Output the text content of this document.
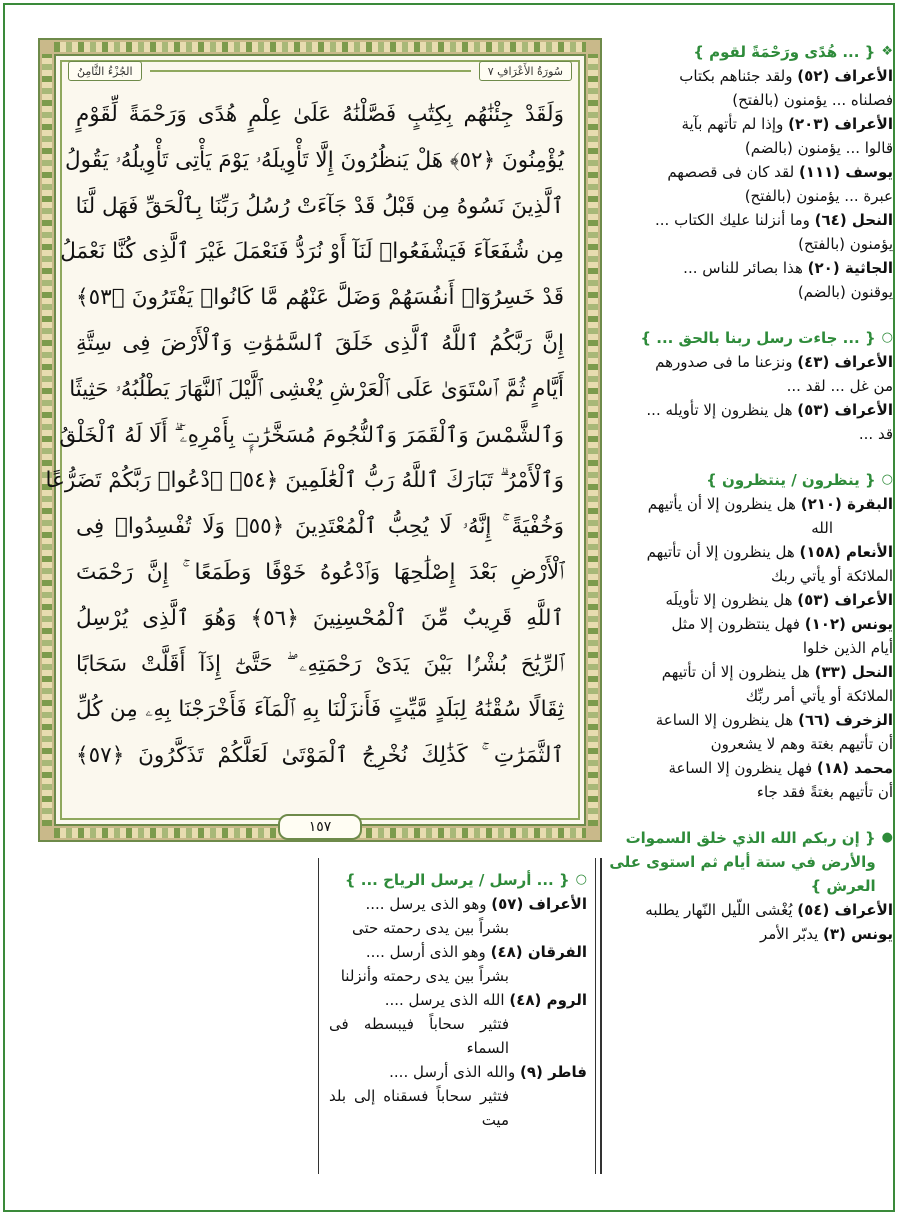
الجُزْءُ الثَّامِنُ	سُورَةُ الأَعْرَافِ ٧
وَلَقَدْ جِئْنَٰهُم بِكِتَٰبٍ فَصَّلْنَٰهُ عَلَىٰ عِلْمٍ هُدًى وَرَحْمَةً لِّقَوْمٍ
يُؤْمِنُونَ ﴿٥٢﴾ هَلْ يَنظُرُونَ إِلَّا تَأْوِيلَهُۥ يَوْمَ يَأْتِى تَأْوِيلُهُۥ يَقُولُ
ٱلَّذِينَ نَسُوهُ مِن قَبْلُ قَدْ جَآءَتْ رُسُلُ رَبِّنَا بِٱلْحَقِّ فَهَل لَّنَا
مِن شُفَعَآءَ فَيَشْفَعُوا۟ لَنَآ أَوْ نُرَدُّ فَنَعْمَلَ غَيْرَ ٱلَّذِى كُنَّا نَعْمَلُ
قَدْ خَسِرُوٓا۟ أَنفُسَهُمْ وَضَلَّ عَنْهُم مَّا كَانُوا۟ يَفْتَرُونَ ﴿٥٣﴾
إِنَّ رَبَّكُمُ ٱللَّهُ ٱلَّذِى خَلَقَ ٱلسَّمَٰوَٰتِ وَٱلْأَرْضَ فِى سِتَّةِ
أَيَّامٍ ثُمَّ ٱسْتَوَىٰ عَلَى ٱلْعَرْشِ يُغْشِى ٱلَّيْلَ ٱلنَّهَارَ يَطْلُبُهُۥ حَثِيثًا
وَٱلشَّمْسَ وَٱلْقَمَرَ وَٱلنُّجُومَ مُسَخَّرَٰتٍۭ بِأَمْرِهِۦٓ ۗ أَلَا لَهُ ٱلْخَلْقُ
وَٱلْأَمْرُ ۗ تَبَارَكَ ٱللَّهُ رَبُّ ٱلْعَٰلَمِينَ ﴿٥٤﴾ ٱدْعُوا۟ رَبَّكُمْ تَضَرُّعًا
وَخُفْيَةً ۚ إِنَّهُۥ لَا يُحِبُّ ٱلْمُعْتَدِينَ ﴿٥٥﴾ وَلَا تُفْسِدُوا۟ فِى
ٱلْأَرْضِ بَعْدَ إِصْلَٰحِهَا وَٱدْعُوهُ خَوْفًا وَطَمَعًا ۚ إِنَّ رَحْمَتَ
ٱللَّهِ قَرِيبٌ مِّنَ ٱلْمُحْسِنِينَ ﴿٥٦﴾ وَهُوَ ٱلَّذِى يُرْسِلُ
ٱلرِّيَٰحَ بُشْرًۢا بَيْنَ يَدَىْ رَحْمَتِهِۦ ۖ حَتَّىٰٓ إِذَآ أَقَلَّتْ سَحَابًا
ثِقَالًا سُقْنَٰهُ لِبَلَدٍ مَّيِّتٍ فَأَنزَلْنَا بِهِ ٱلْمَآءَ فَأَخْرَجْنَا بِهِۦ مِن كُلِّ
ٱلثَّمَرَٰتِ ۚ كَذَٰلِكَ نُخْرِجُ ٱلْمَوْتَىٰ لَعَلَّكُمْ تَذَكَّرُونَ ﴿٥٧﴾
١٥٧
❖
{ ... هُدًى ورَحْمَةً لقوم }
الأعراف (٥٢) ولقد جئناهم بكتاب
فصلناه ... يؤمنون (بالفتح)
الأعراف (٢٠٣) وإذا لم تأتهم بآية
قالوا ... يؤمنون (بالضم)
يوسف (١١١) لقد كان فى قصصهم
عبرة ... يؤمنون (بالفتح)
النحل (٦٤) وما أنزلنا عليك الكتاب ...
يؤمنون (بالفتح)
الجاثية (٢٠) هذا بصائر للناس ...
يوقنون (بالضم)
○
{ ... جاءت رسل ربنا بالحق ... }
الأعراف (٤٣) ونزعنا ما فى صدورهم
من غل ... لقد ...
الأعراف (٥٣) هل ينظرون إلا تأويله ...
قد ...
○
{ ينظرون / ينتظرون }
البقرة (٢١٠) هل ينظرون إلا أن يأتيهم
الله
الأنعام (١٥٨) هل ينظرون إلا أن تأتيهم
الملائكة أو يأتي ربك
الأعراف (٥٣) هل ينظرون إلا تأويلَه
يونس (١٠٢) فهل ينتظرون إلا مثل
أيام الذين خلوا
النحل (٣٣) هل ينظرون إلا أن تأتيهم
الملائكة أو يأتي أمر ربِّك
الزخرف (٦٦) هل ينظرون إلا الساعة
أن تأتيهم بغتة وهم لا يشعرون
محمد (١٨) فهل ينظرون إلا الساعة
أن تأتيهم بغتةً فقد جاء
●
{ إن ربكم الله الذي خلق السموات والأرض في ستة أيام ثم استوى على العرش }
الأعراف (٥٤) يُغْشى اللّيل النّهار يطلبه
يونس (٣) يدبّر الأمر
○
{ ... أرسل / يرسل الرياح ... }
الأعراف (٥٧) وهو الذى يرسل ....
بشراً بين يدى رحمته حتى
الفرقان (٤٨) وهو الذى أرسل ....
بشراً بين يدى رحمته وأنزلنا
الروم (٤٨) الله الذى يرسل ....
فتثير سحاباً فيبسطه فى السماء
فاطر (٩) والله الذى أرسل ....
فتثير سحاباً فسقناه إلى بلد ميت
